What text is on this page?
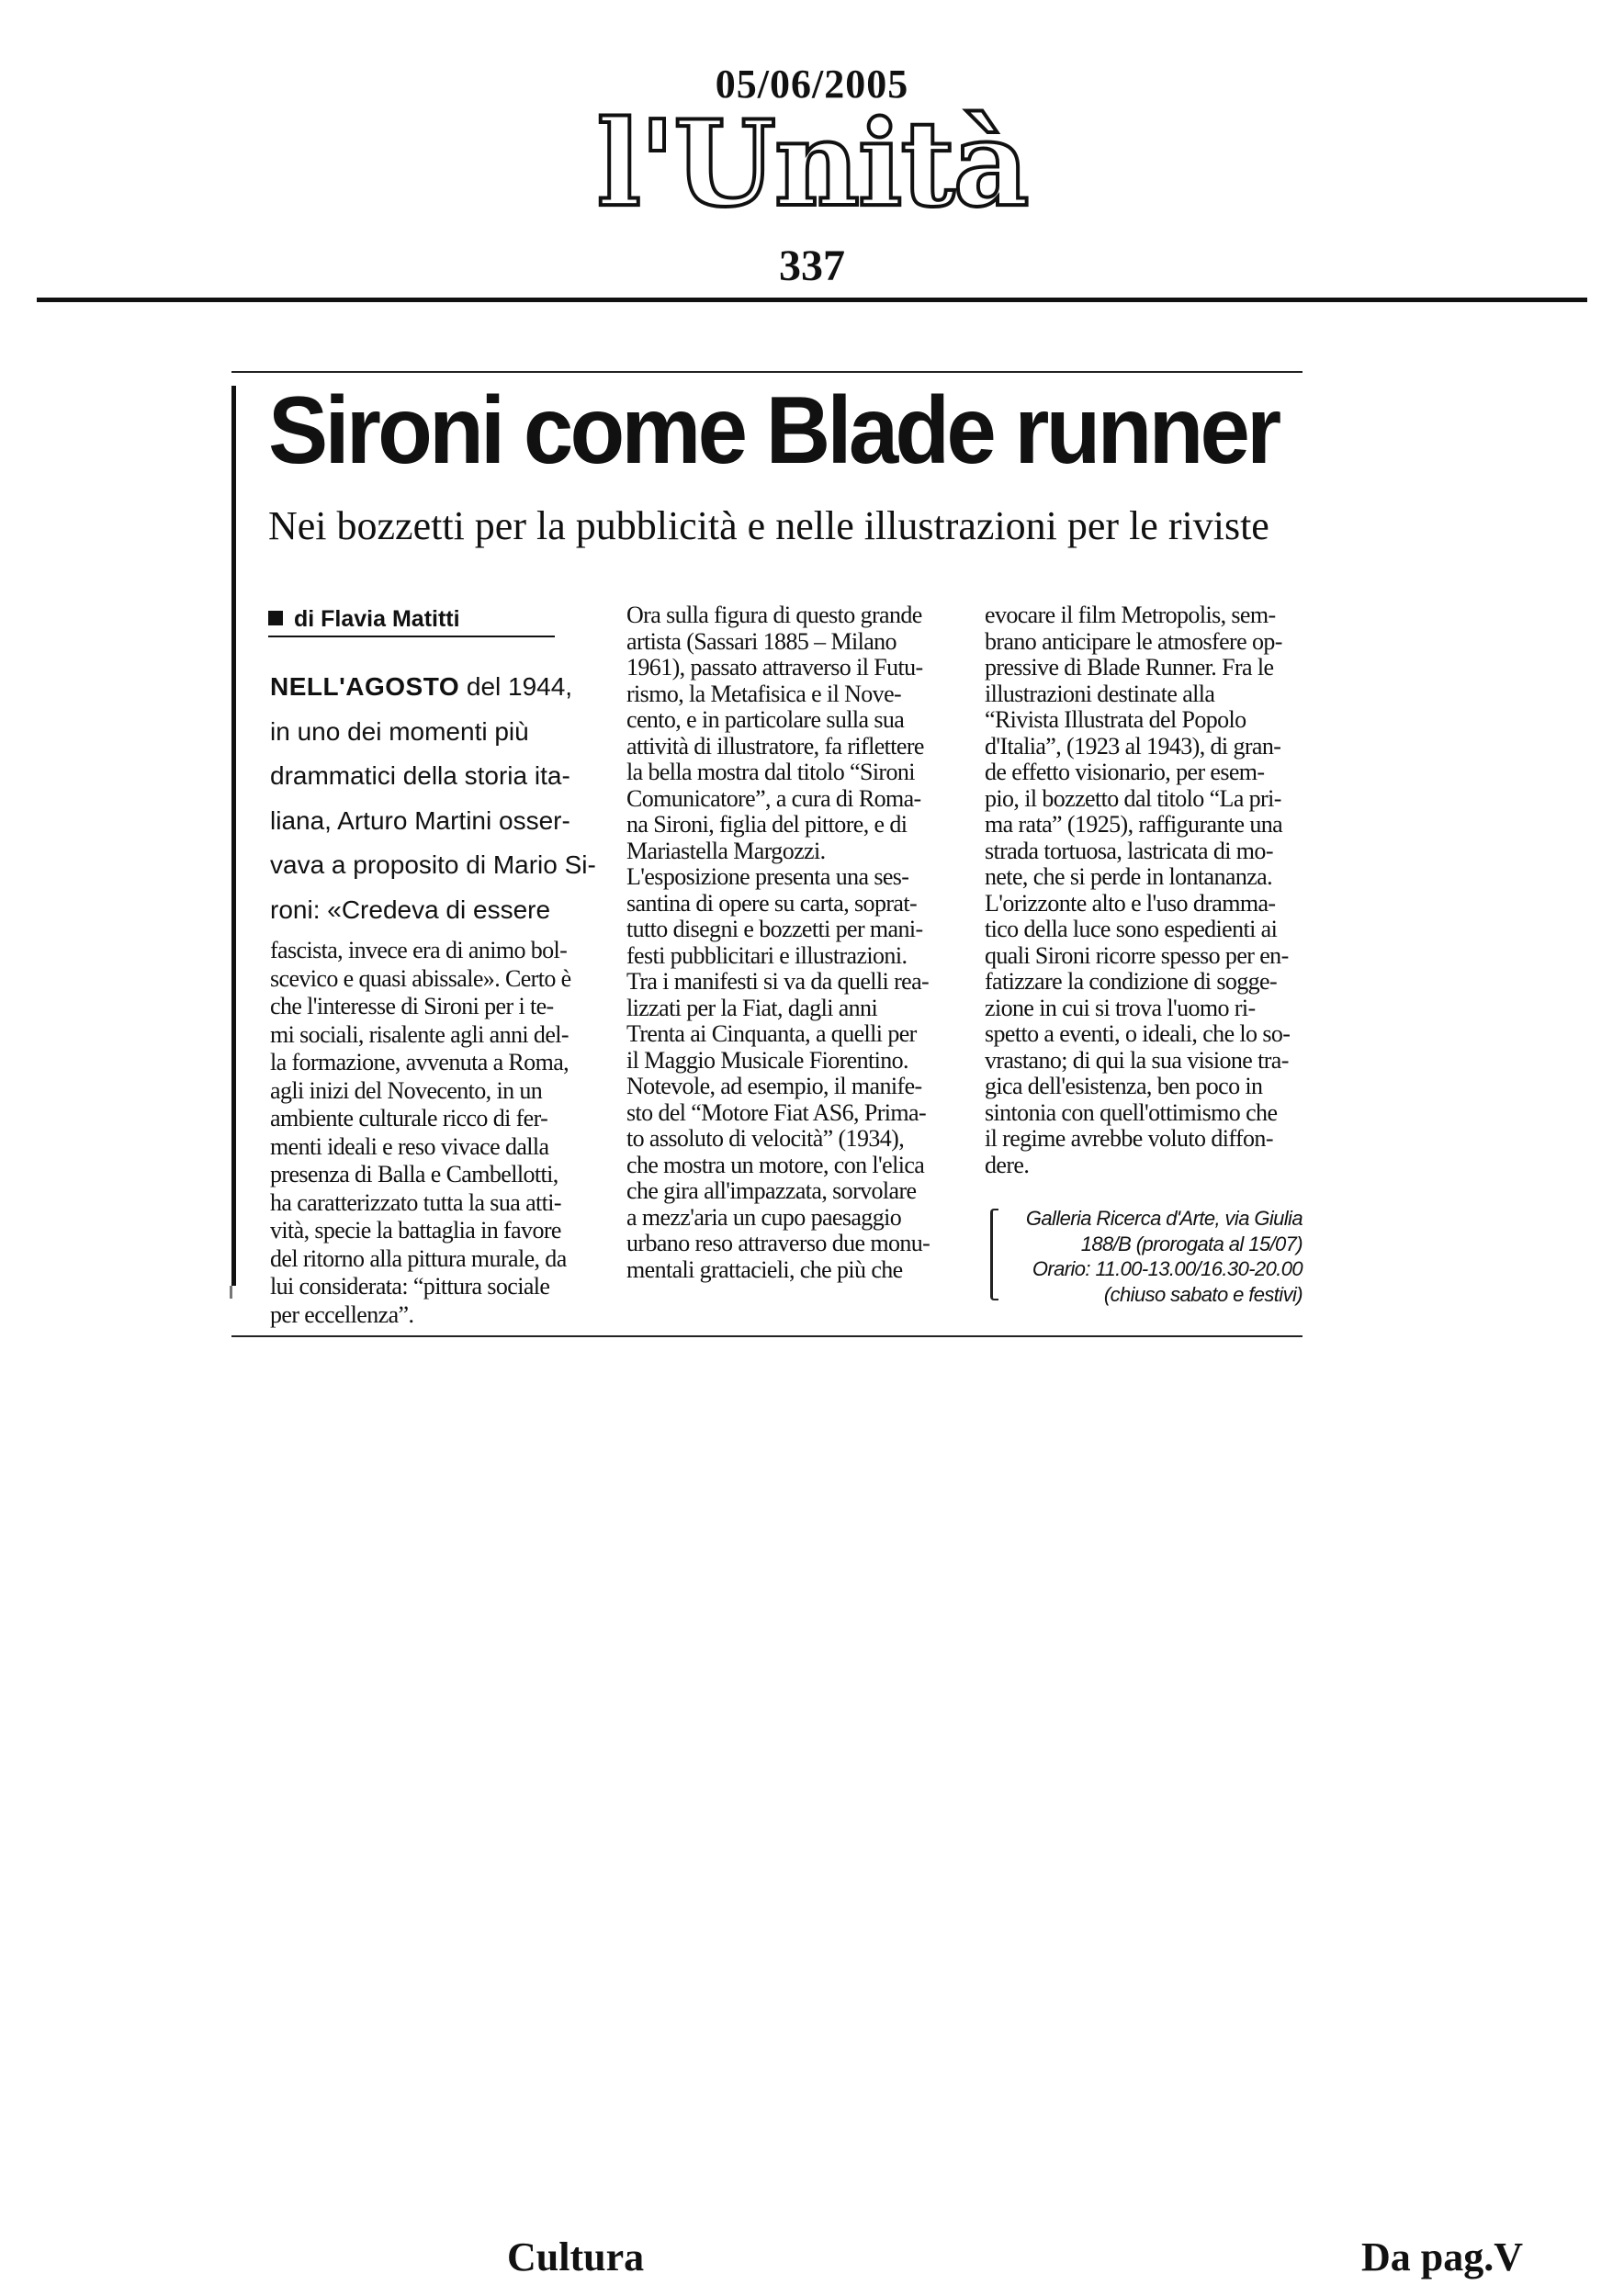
05/06/2005
l'Unità
337
Sironi come Blade runner
Nei bozzetti per la pubblicità e nelle illustrazioni per le riviste
di Flavia Matitti
NELL'AGOSTO del 1944,
in uno dei momenti più
drammatici della storia ita-
liana, Arturo Martini osser-
vava a proposito di Mario Si-
roni: «Credeva di essere
fascista, invece era di animo bol-
scevico e quasi abissale». Certo è
che l'interesse di Sironi per i te-
mi sociali, risalente agli anni del-
la formazione, avvenuta a Roma,
agli inizi del Novecento, in un
ambiente culturale ricco di fer-
menti ideali e reso vivace dalla
presenza di Balla e Cambellotti,
ha caratterizzato tutta la sua atti-
vità, specie la battaglia in favore
del ritorno alla pittura murale, da
lui considerata: “pittura sociale
per eccellenza”.
Ora sulla figura di questo grande
artista (Sassari 1885 – Milano
1961), passato attraverso il Futu-
rismo, la Metafisica e il Nove-
cento, e in particolare sulla sua
attività di illustratore, fa riflettere
la bella mostra dal titolo “Sironi
Comunicatore”, a cura di Roma-
na Sironi, figlia del pittore, e di
Mariastella Margozzi.
L'esposizione presenta una ses-
santina di opere su carta, soprat-
tutto disegni e bozzetti per mani-
festi pubblicitari e illustrazioni.
Tra i manifesti si va da quelli rea-
lizzati per la Fiat, dagli anni
Trenta ai Cinquanta, a quelli per
il Maggio Musicale Fiorentino.
Notevole, ad esempio, il manife-
sto del “Motore Fiat AS6, Prima-
to assoluto di velocità” (1934),
che mostra un motore, con l'elica
che gira all'impazzata, sorvolare
a mezz'aria un cupo paesaggio
urbano reso attraverso due monu-
mentali grattacieli, che più che
evocare il film Metropolis, sem-
brano anticipare le atmosfere op-
pressive di Blade Runner. Fra le
illustrazioni destinate alla
“Rivista Illustrata del Popolo
d'Italia”, (1923 al 1943), di gran-
de effetto visionario, per esem-
pio, il bozzetto dal titolo “La pri-
ma rata” (1925), raffigurante una
strada tortuosa, lastricata di mo-
nete, che si perde in lontananza.
L'orizzonte alto e l'uso dramma-
tico della luce sono espedienti ai
quali Sironi ricorre spesso per en-
fatizzare la condizione di sogge-
zione in cui si trova l'uomo ri-
spetto a eventi, o ideali, che lo so-
vrastano; di qui la sua visione tra-
gica dell'esistenza, ben poco in
sintonia con quell'ottimismo che
il regime avrebbe voluto diffon-
dere.
Galleria Ricerca d'Arte, via Giulia
188/B (prorogata al 15/07)
Orario: 11.00-13.00/16.30-20.00
(chiuso sabato e festivi)
Cultura	Da pag.V
